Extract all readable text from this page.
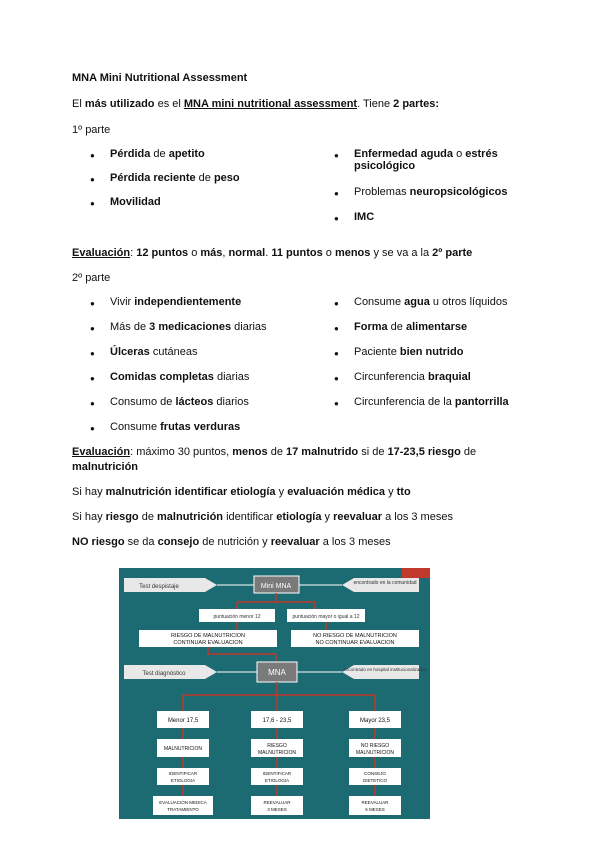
MNA Mini Nutritional Assessment
El más utilizado es el MNA mini nutritional assessment. Tiene 2 partes:
1º parte
● Pérdida de apetito
● Pérdida reciente de peso
● Movilidad
● Enfermedad aguda o estrés psicológico
● Problemas neuropsicológicos
● IMC
Evaluación: 12 puntos o más, normal. 11 puntos o menos y se va a la 2º parte
2º parte
● Vivir independientemente
● Más de 3 medicaciones diarias
● Úlceras cutáneas
● Comidas completas diarias
● Consumo de lácteos diarios
● Consume frutas verduras
● Consume agua u otros líquidos
● Forma de alimentarse
● Paciente bien nutrido
● Circunferencia braquial
● Circunferencia de la pantorrilla
Evaluación: máximo 30 puntos, menos de 17 malnutrido si de 17-23,5 riesgo de
malnutrición
Si hay malnutrición identificar etiología y evaluación médica y tto
Si hay riesgo de malnutrición identificar etiología y reevaluar a los 3 meses
NO riesgo se da consejo de nutrición y reevaluar a los 3 meses
Test despistaje	Mini MNA	encontrado en la comunidad
puntuación menor 12	puntuación mayor o igual a 12
RIESGO DE MALNUTRICION
CONTINUAR EVALUACION
NO RIESGO DE MALNUTRICION
NO CONTINUAR EVALUACION
Test diagnóstico	MNA	encontrado en hospital institucionalizados
Menor 17,5	17,6 - 23,5	Mayor 23,5
MALNUTRICION	RIESGO
MALNUTRICION
NO RIESGO
MALNUTRICION
IDENTIFICAR
ETIOLOGIA
IDENTIFICAR
ETIOLOGIA
CONSEJO
DIETETICO
EVALUACION MEDICA
TRATAMIENTO
REEVALUAR
3 MESES
REEVALUAR
6 MESES
